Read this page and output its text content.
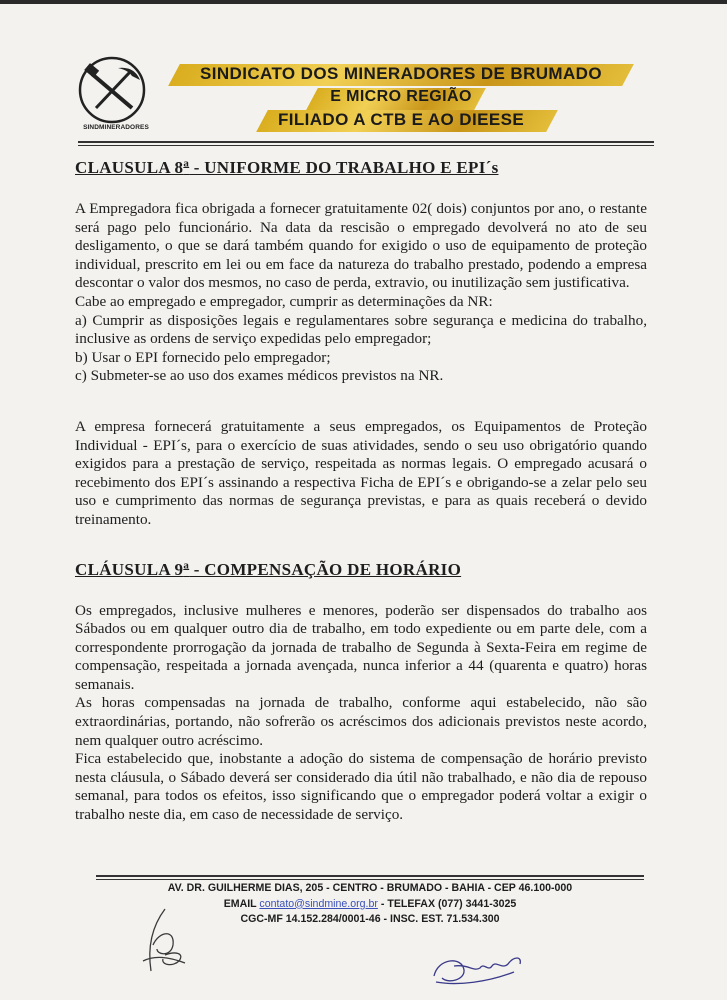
SINDMINERADORES
SINDICATO DOS MINERADORES DE BRUMADO
E MICRO REGIÃO
FILIADO A CTB E AO DIEESE
CLAUSULA 8$^a$ - UNIFORME DO TRABALHO E EPI´s

A Empregadora fica obrigada a fornecer gratuitamente 02( dois) conjuntos por ano, o restante será pago pelo funcionário. Na data da rescisão o empregado devolverá no ato de seu desligamento, o que se dará também quando for exigido o uso de equipamento de proteção individual, prescrito em lei ou em face da natureza do trabalho prestado, podendo a empresa descontar o valor dos mesmos, no caso de perda, extravio, ou inutilização sem justificativa.

Cabe ao empregado e empregador, cumprir as determinações da NR:

a) Cumprir as disposições legais e regulamentares sobre segurança e medicina do trabalho, inclusive as ordens de serviço expedidas pelo empregador;

b) Usar o EPI fornecido pelo empregador;

c) Submeter-se ao uso dos exames médicos previstos na NR.

A empresa fornecerá gratuitamente a seus empregados, os Equipamentos de Proteção Individual - EPI´s, para o exercício de suas atividades, sendo o seu uso obrigatório quando exigidos para a prestação de serviço, respeitada as normas legais. O empregado acusará o recebimento dos EPI´s assinando a respectiva Ficha de EPI´s e obrigando-se a zelar pelo seu uso e cumprimento das normas de segurança previstas, e para as quais receberá o devido treinamento.

CLÁUSULA 9$^a$ - COMPENSAÇÃO DE HORÁRIO

Os empregados, inclusive mulheres e menores, poderão ser dispensados do trabalho aos Sábados ou em qualquer outro dia de trabalho, em todo expediente ou em parte dele, com a correspondente prorrogação da jornada de trabalho de Segunda à Sexta-Feira em regime de compensação, respeitada a jornada avençada, nunca inferior a 44 (quarenta e quatro) horas semanais.

As horas compensadas na jornada de trabalho, conforme aqui estabelecido, não são extraordinárias, portando, não sofrerão os acréscimos dos adicionais previstos neste acordo, nem qualquer outro acréscimo.

Fica estabelecido que, inobstante a adoção do sistema de compensação de horário previsto nesta cláusula, o Sábado deverá ser considerado dia útil não trabalhado, e não dia de repouso semanal, para todos os efeitos, isso significando que o empregador poderá voltar a exigir o trabalho neste dia, em caso de necessidade de serviço.

AV. DR. GUILHERME DIAS, 205 - CENTRO - BRUMADO - BAHIA - CEP 46.100-000
EMAIL contato@sindmine.org.br - TELEFAX (077) 3441-3025
CGC-MF 14.152.284/0001-46 - INSC. EST. 71.534.300
